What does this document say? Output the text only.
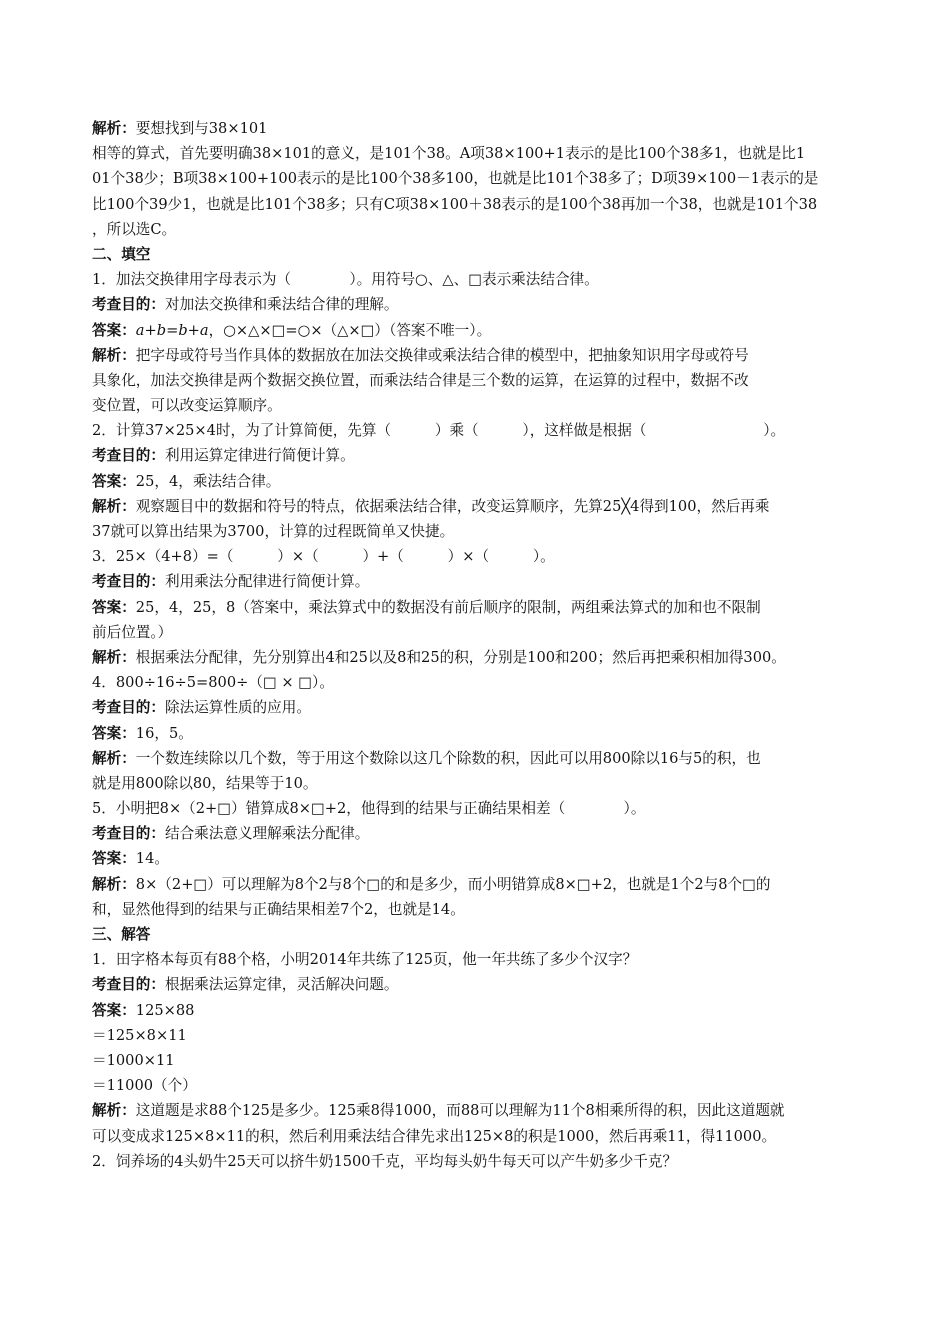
解析：要想找到与38×101
相等的算式，首先要明确38×101的意义，是101个38。A项38×100+1表示的是比100个38多1，也就是比1
01个38少；B项38×100+100表示的是比100个38多100，也就是比101个38多了；D项39×100－1表示的是
比100个39少1，也就是比101个38多；只有C项38×100＋38表示的是100个38再加一个38，也就是101个38
，所以选C。
二、填空
1．加法交换律用字母表示为（　　　　）。用符号○、△、□表示乘法结合律。
考查目的：对加法交换律和乘法结合律的理解。
答案：a+b=b+a，○×△×□=○×（△×□）（答案不唯一）。
解析：把字母或符号当作具体的数据放在加法交换律或乘法结合律的模型中，把抽象知识用字母或符号
具象化，加法交换律是两个数据交换位置，而乘法结合律是三个数的运算，在运算的过程中，数据不改
变位置，可以改变运算顺序。
2．计算37×25×4时，为了计算简便，先算（　　　）乘（　　　），这样做是根据（　　　　　　　　）。
考查目的：利用运算定律进行简便计算。
答案：25，4，乘法结合律。
解析：观察题目中的数据和符号的特点，依据乘法结合律，改变运算顺序，先算25╳4得到100，然后再乘
37就可以算出结果为3700，计算的过程既简单又快捷。
3．25×（4+8）=（　　　）×（　　　）+（　　　）×（　　　）。
考查目的：利用乘法分配律进行简便计算。
答案：25，4，25，8（答案中，乘法算式中的数据没有前后顺序的限制，两组乘法算式的加和也不限制
前后位置。）
解析：根据乘法分配律，先分别算出4和25以及8和25的积，分别是100和200；然后再把乘积相加得300。
4．800÷16÷5=800÷（□ × □）。
考查目的：除法运算性质的应用。
答案：16，5。
解析：一个数连续除以几个数，等于用这个数除以这几个除数的积，因此可以用800除以16与5的积，也
就是用800除以80，结果等于10。
5．小明把8×（2+□）错算成8×□+2，他得到的结果与正确结果相差（　　　　）。
考查目的：结合乘法意义理解乘法分配律。
答案：14。
解析：8×（2+□）可以理解为8个2与8个□的和是多少，而小明错算成8×□+2，也就是1个2与8个□的
和，显然他得到的结果与正确结果相差7个2，也就是14。
三、解答
1．田字格本每页有88个格，小明2014年共练了125页，他一年共练了多少个汉字？
考查目的：根据乘法运算定律，灵活解决问题。
答案：125×88
＝125×8×11
＝1000×11
＝11000（个）
解析：这道题是求88个125是多少。125乘8得1000，而88可以理解为11个8相乘所得的积，因此这道题就
可以变成求125×8×11的积，然后利用乘法结合律先求出125×8的积是1000，然后再乘11，得11000。
2．饲养场的4头奶牛25天可以挤牛奶1500千克，平均每头奶牛每天可以产牛奶多少千克？
